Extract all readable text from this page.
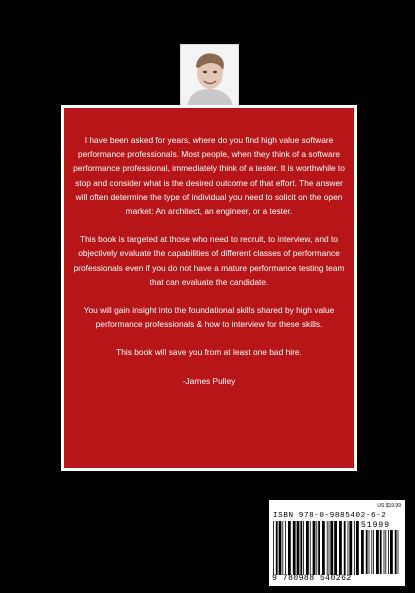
I have been asked for years, where do you find high value software performance professionals. Most people, when they think of a software performance professional, immediately think of a tester. It is worthwhile to stop and consider what is the desired outcome of that effort. The answer will often determine the type of individual you need to solicit on the open market: An architect, an engineer, or a tester.

This book is targeted at those who need to recruit, to interview, and to objectively evaluate the capabilities of different classes of performance professionals even if you do not have a mature performance testing team that can evaluate the candidate.

You will gain insight into the foundational skills shared by high value performance professionals & how to interview for these skills.

This book will save you from at least one bad hire.

-James Pulley

US $19.99
ISBN 978-0-9885402-6-2
51999
9 780988 540262
